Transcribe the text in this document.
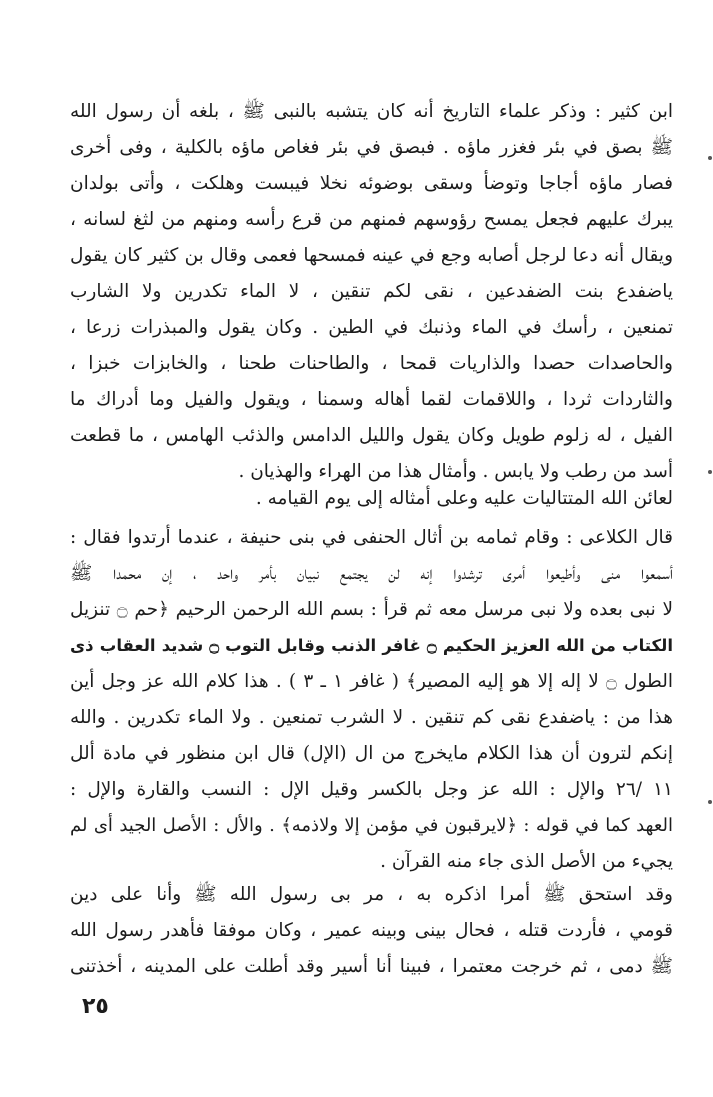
ابن كثير : وذكر علماء التاريخ أنه كان يتشبه بالنبى ﷺ ، بلغه أن رسول الله
ﷺ بصق في بئر فغزر ماؤه . فبصق في بئر فغاص ماؤه بالكلية ، وفى أخرى
فصار ماؤه أجاجا وتوضأ وسقى بوضوئه نخلا فيبست وهلكت ، وأتى بولدان
يبرك عليهم فجعل يمسح رؤوسهم فمنهم من قرع رأسه ومنهم من لثغ لسانه ،
ويقال أنه دعا لرجل أصابه وجع في عينه فمسحها فعمى وقال بن كثير كان يقول
ياضفدع بنت الضفدعين ، نقى لكم تنقين ، لا الماء تكدرين ولا الشارب
تمنعين ، رأسك في الماء وذنبك في الطين . وكان يقول والمبذرات زرعا ،
والحاصدات حصدا والذاريات قمحا ، والطاحنات طحنا ، والخابزات خبزا ،
والثاردات ثردا ، واللاقمات لقما أهاله وسمنا ، ويقول والفيل وما أدراك ما
الفيل ، له زلوم طويل وكان يقول والليل الدامس والذئب الهامس ، ما قطعت
أسد من رطب ولا يابس . وأمثال هذا من الهراء والهذيان .
لعائن الله المتتاليات عليه وعلى أمثاله إلى يوم القيامه .
قال الكلاعى : وقام ثمامه بن أثال الحنفى في بنى حنيفة ، عندما أرتدوا فقال :
أسمعوا منى وأطيعوا أمرى ترشدوا إنه لن يجتمع نبيان بأمر واحد ، إن محمدا ﷺ
لا نبى بعده ولا نبى مرسل معه ثم قرأ : بسم الله الرحمن الرحيم ﴿حم ۝ تنزيل
الكتاب من الله العزيز الحكيم ۝ غافر الذنب وقابل التوب ۝ شديد العقاب ذى
الطول ۝ لا إله إلا هو إليه المصير﴾ ( غافر ١ ـ ٣ ) . هذا كلام الله عز وجل أين
هذا من : ياضفدع نقى كم تنقين . لا الشرب تمنعين . ولا الماء تكدرين . والله
إنكم لترون أن هذا الكلام مايخرج من ال (الإل) قال ابن منظور في مادة ألل
١١ /٢٦ والإل : الله عز وجل بالكسر وقيل الإل : النسب والقارة والإل :
العهد كما في قوله : ﴿لايرقبون في مؤمن إلا ولاذمه﴾ . والأل : الأصل الجيد أى لم
يجيء من الأصل الذى جاء منه القرآن .
وقد استحق ﷺ أمرا اذكره به ، مر بى رسول الله ﷺ وأنا على دين
قومي ، فأردت قتله ، فحال بينى وبينه عمير ، وكان موفقا فأهدر رسول الله
ﷺ دمى ، ثم خرجت معتمرا ، فبينا أنا أسير وقد أطلت على المدينه ، أخذتنى
٢٥
